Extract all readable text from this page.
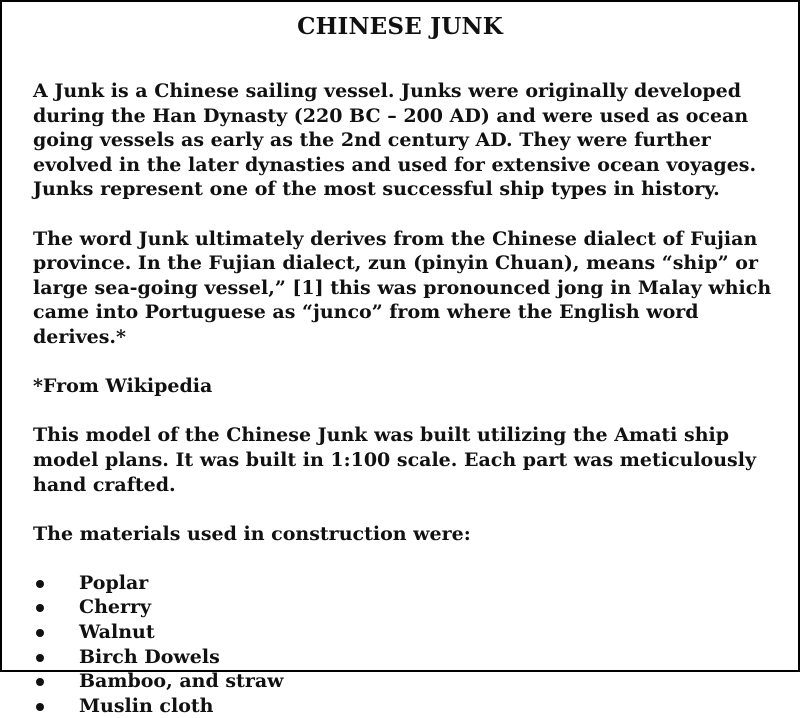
CHINESE JUNK

A Junk is a Chinese sailing vessel. Junks were originally developed during the Han Dynasty (220 BC – 200 AD) and were used as ocean going vessels as early as the 2nd century AD. They were further evolved in the later dynasties and used for extensive ocean voyages. Junks represent one of the most successful ship types in history.

The word Junk ultimately derives from the Chinese dialect of Fujian province. In the Fujian dialect, zun (pinyin Chuan), means “ship” or large sea-going vessel,” [1] this was pronounced jong in Malay which came into Portuguese as “junco” from where the English word derives.*

*From Wikipedia

This model of the Chinese Junk was built utilizing the Amati ship model plans. It was built in 1:100 scale. Each part was meticulously hand crafted.

The materials used in construction were:

Poplar
Cherry
Walnut
Birch Dowels
Bamboo, and straw
Muslin cloth
